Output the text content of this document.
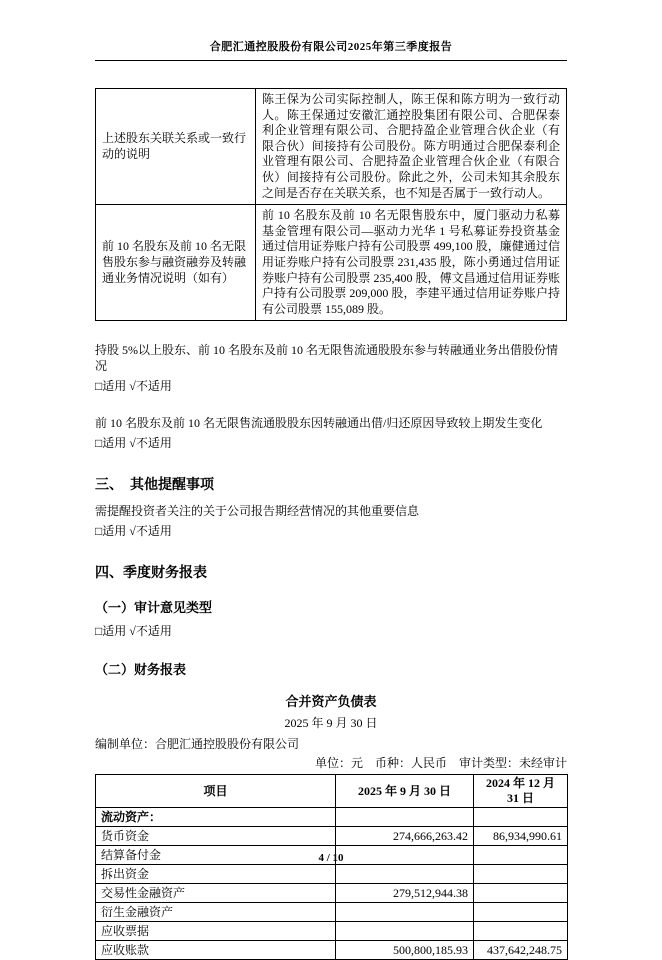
合肥汇通控股股份有限公司2025年第三季度报告
上述股东关联关系或一致行动的说明	陈王保为公司实际控制人，陈王保和陈方明为一致行动人。陈王保通过安徽汇通控股集团有限公司、合肥保泰利企业管理有限公司、合肥持盈企业管理合伙企业（有限合伙）间接持有公司股份。陈方明通过合肥保泰利企业管理有限公司、合肥持盈企业管理合伙企业（有限合伙）间接持有公司股份。除此之外，公司未知其余股东之间是否存在关联关系，也不知是否属于一致行动人。
前 10 名股东及前 10 名无限售股东参与融资融券及转融通业务情况说明（如有）	前 10 名股东及前 10 名无限售股东中，厦门驱动力私募基金管理有限公司—驱动力光华 1 号私募证券投资基金通过信用证券账户持有公司股票 499,100 股，廉健通过信用证券账户持有公司股票 231,435 股，陈小勇通过信用证券账户持有公司股票 235,400 股，傅文昌通过信用证券账户持有公司股票 209,000 股，李建平通过信用证券账户持有公司股票 155,089 股。

持股 5%以上股东、前 10 名股东及前 10 名无限售流通股股东参与转融通业务出借股份情况

□适用 √不适用

前 10 名股东及前 10 名无限售流通股股东因转融通出借/归还原因导致较上期发生变化

□适用 √不适用

三、　其他提醒事项

需提醒投资者关注的关于公司报告期经营情况的其他重要信息

□适用 √不适用

四、季度财务报表

（一）审计意见类型

□适用 √不适用

（二）财务报表

合并资产负债表
2025 年 9 月 30 日
编制单位：合肥汇通控股股份有限公司
单位：元　币种：人民币　审计类型：未经审计
项目	2025 年 9 月 30 日	2024 年 12 月 31 日
流动资产：		
货币资金	274,666,263.42	86,934,990.61
结算备付金		
拆出资金		
交易性金融资产	279,512,944.38	
衍生金融资产		
应收票据		
应收账款	500,800,185.93	437,642,248.75
4 / 10
